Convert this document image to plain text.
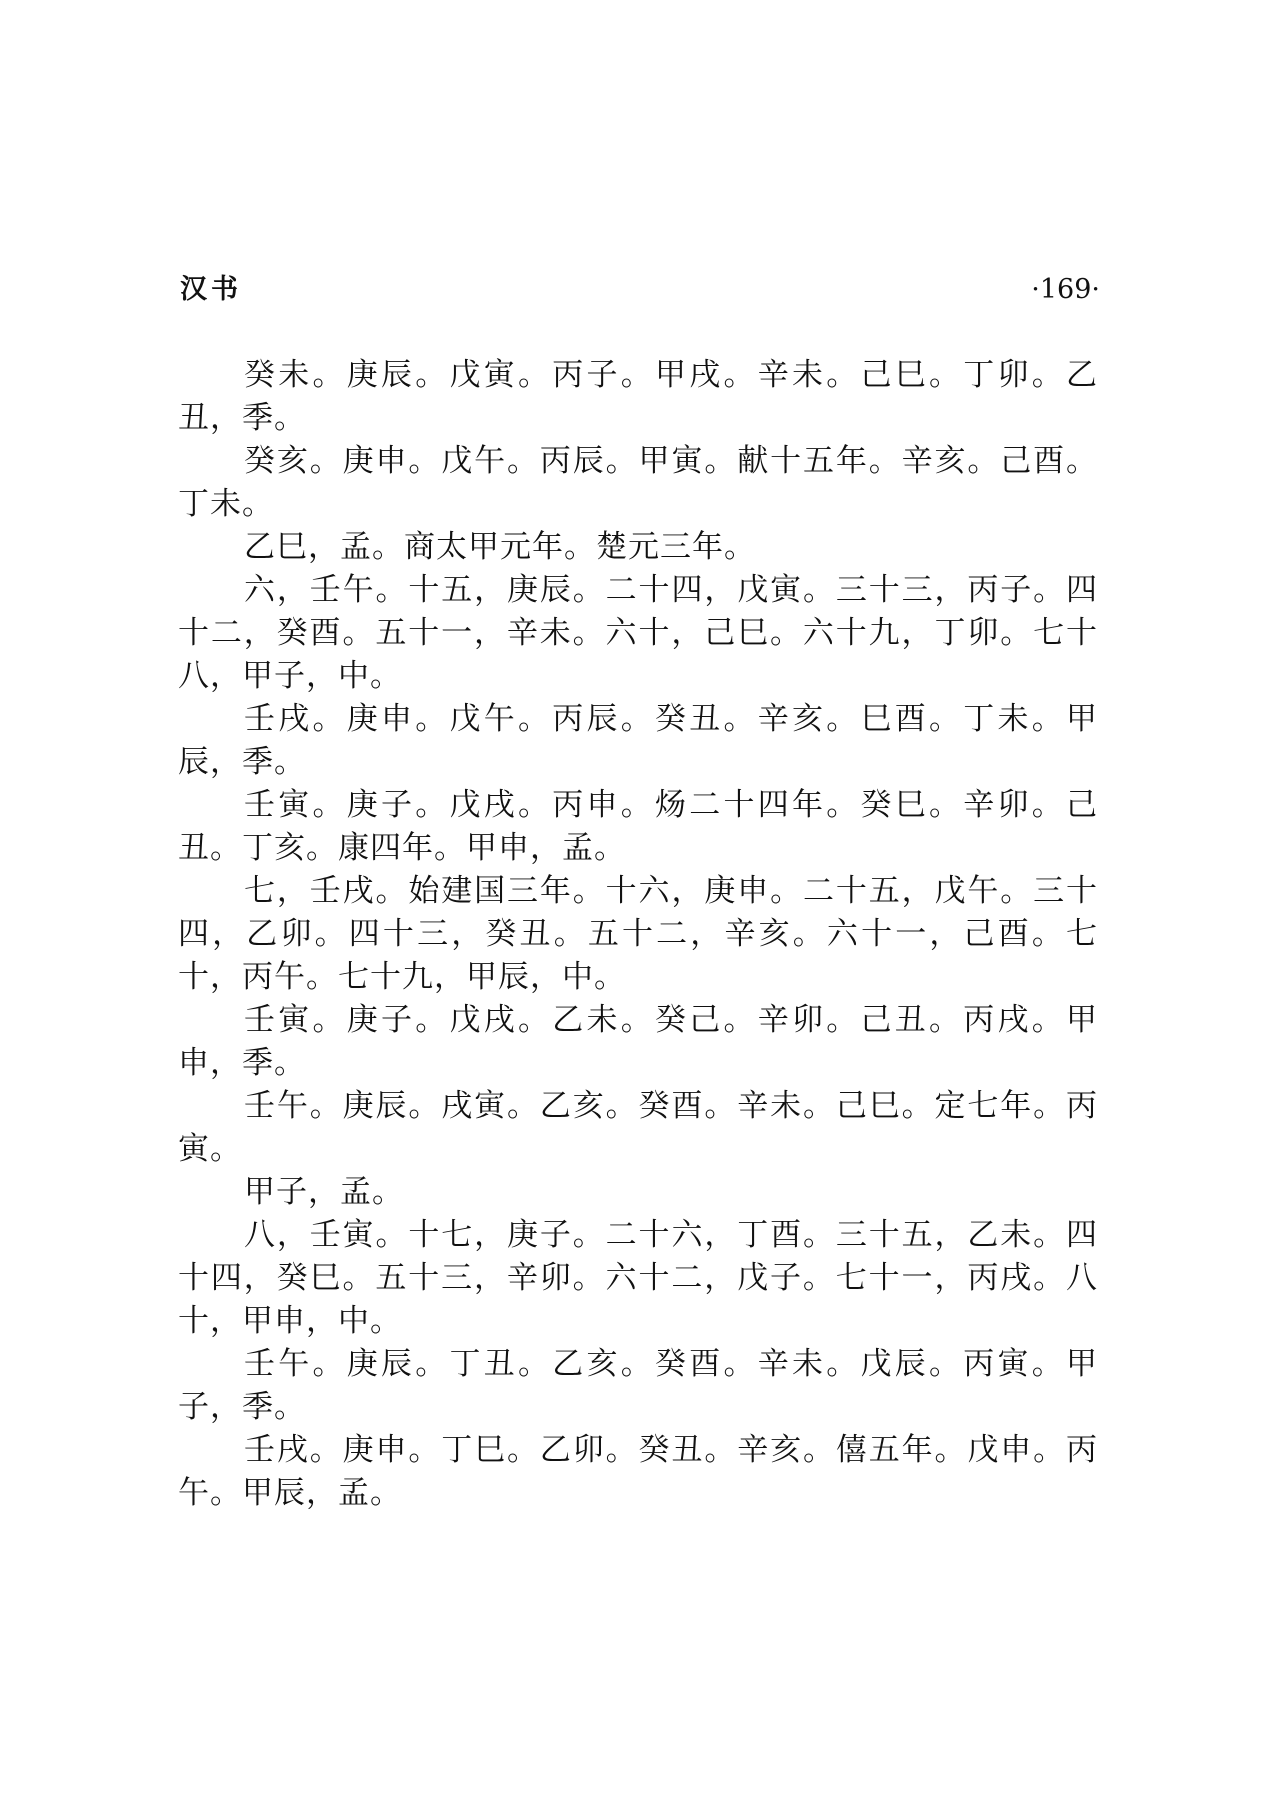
汉书	·169·

癸未。庚辰。戊寅。丙子。甲戌。辛未。己巳。丁卯。乙丑，季。

癸亥。庚申。戊午。丙辰。甲寅。献十五年。辛亥。己酉。丁未。

乙巳，孟。商太甲元年。楚元三年。

六，壬午。十五，庚辰。二十四，戊寅。三十三，丙子。四十二，癸酉。五十一，辛未。六十，己巳。六十九，丁卯。七十八，甲子，中。

壬戌。庚申。戊午。丙辰。癸丑。辛亥。巳酉。丁未。甲辰，季。

壬寅。庚子。戊戌。丙申。炀二十四年。癸巳。辛卯。己丑。丁亥。康四年。甲申，孟。

七，壬戌。始建国三年。十六，庚申。二十五，戊午。三十四，乙卯。四十三，癸丑。五十二，辛亥。六十一，己酉。七十，丙午。七十九，甲辰，中。

壬寅。庚子。戊戌。乙未。癸己。辛卯。己丑。丙戌。甲申，季。

壬午。庚辰。戌寅。乙亥。癸酉。辛未。己巳。定七年。丙寅。

甲子，孟。

八，壬寅。十七，庚子。二十六，丁酉。三十五，乙未。四十四，癸巳。五十三，辛卯。六十二，戊子。七十一，丙戌。八十，甲申，中。

壬午。庚辰。丁丑。乙亥。癸酉。辛未。戊辰。丙寅。甲子，季。

壬戌。庚申。丁巳。乙卯。癸丑。辛亥。僖五年。戊申。丙午。甲辰，孟。
